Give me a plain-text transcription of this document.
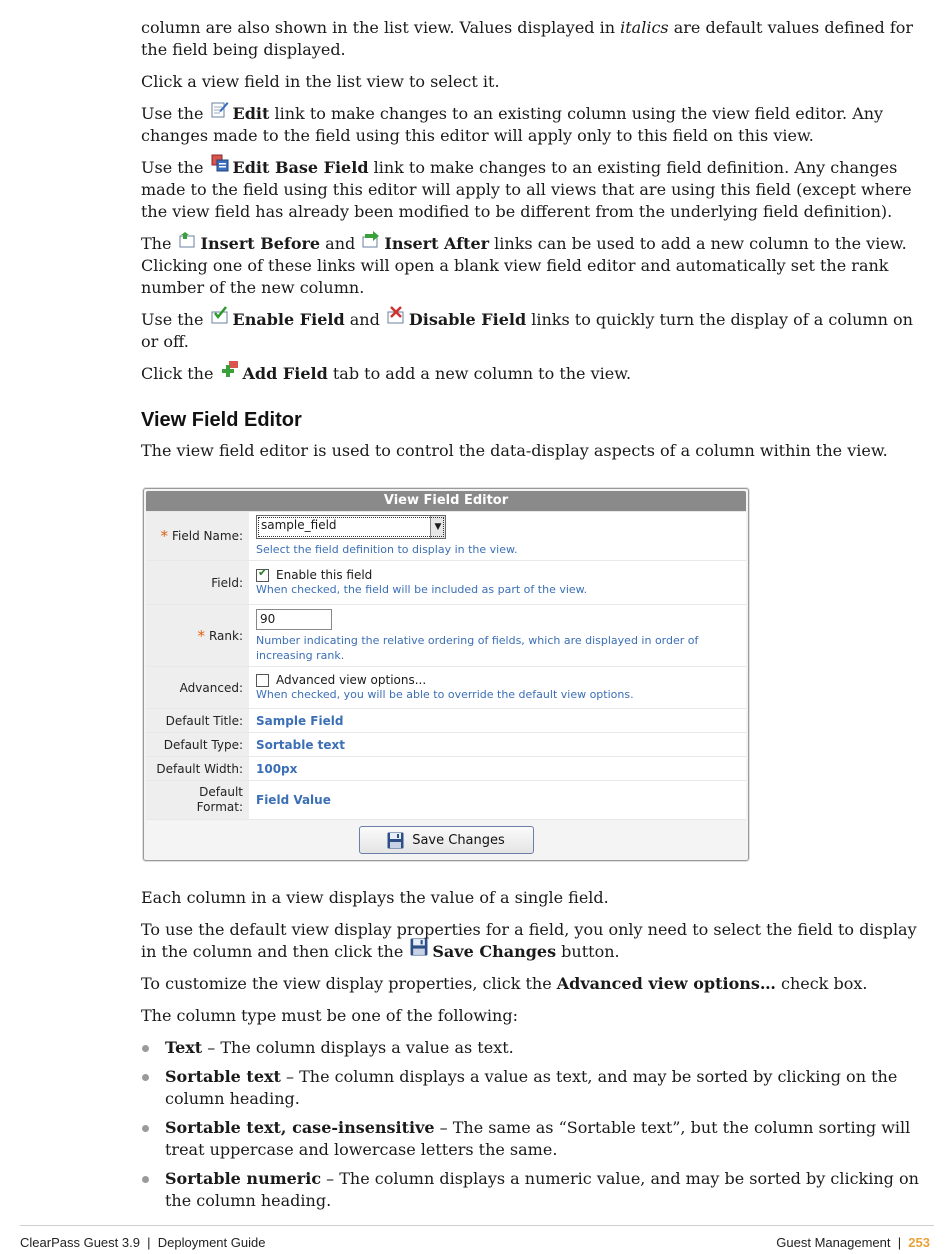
column are also shown in the list view. Values displayed in italics are default values defined for the field being displayed.

Click a view field in the list view to select it.

Use the
Edit link to make changes to an existing column using the view field editor. Any changes made to the field using this editor will apply only to this field on this view.

Use the
Edit Base Field link to make changes to an existing field definition. Any changes made to the field using this editor will apply to all views that are using this field (except where the view field has already been modified to be different from the underlying field definition).

The
Insert Before and
Insert After links can be used to add a new column to the view. Clicking one of these links will open a blank view field editor and automatically set the rank number of the new column.

Use the
Enable Field and
Disable Field links to quickly turn the display of a column on or off.

Click the
Add Field tab to add a new column to the view.

View Field Editor

The view field editor is used to control the data-display aspects of a column within the view.

View Field Editor
* Field Name:
sample_field	▼
Select the field definition to display in the view.
Field:
✔ Enable this field
When checked, the field will be included as part of the view.
* Rank:
90
Number indicating the relative ordering of fields, which are displayed in order of increasing rank.
Advanced:
Advanced view options...
When checked, you will be able to override the default view options.
Default Title:	Sample Field
Default Type:	Sortable text
Default Width:	100px
Default
Format: Field Value
Save Changes

Each column in a view displays the value of a single field.

To use the default view display properties for a field, you only need to select the field to display in the column and then click the
Save Changes button.

To customize the view display properties, click the Advanced view options… check box.

The column type must be one of the following:

Text – The column displays a value as text.
Sortable text – The column displays a value as text, and may be sorted by clicking on the column heading.
Sortable text, case-insensitive – The same as “Sortable text”, but the column sorting will treat uppercase and lowercase letters the same.
Sortable numeric – The column displays a numeric value, and may be sorted by clicking on the column heading.
ClearPass Guest 3.9  |  Deployment Guide	Guest Management  |  253
